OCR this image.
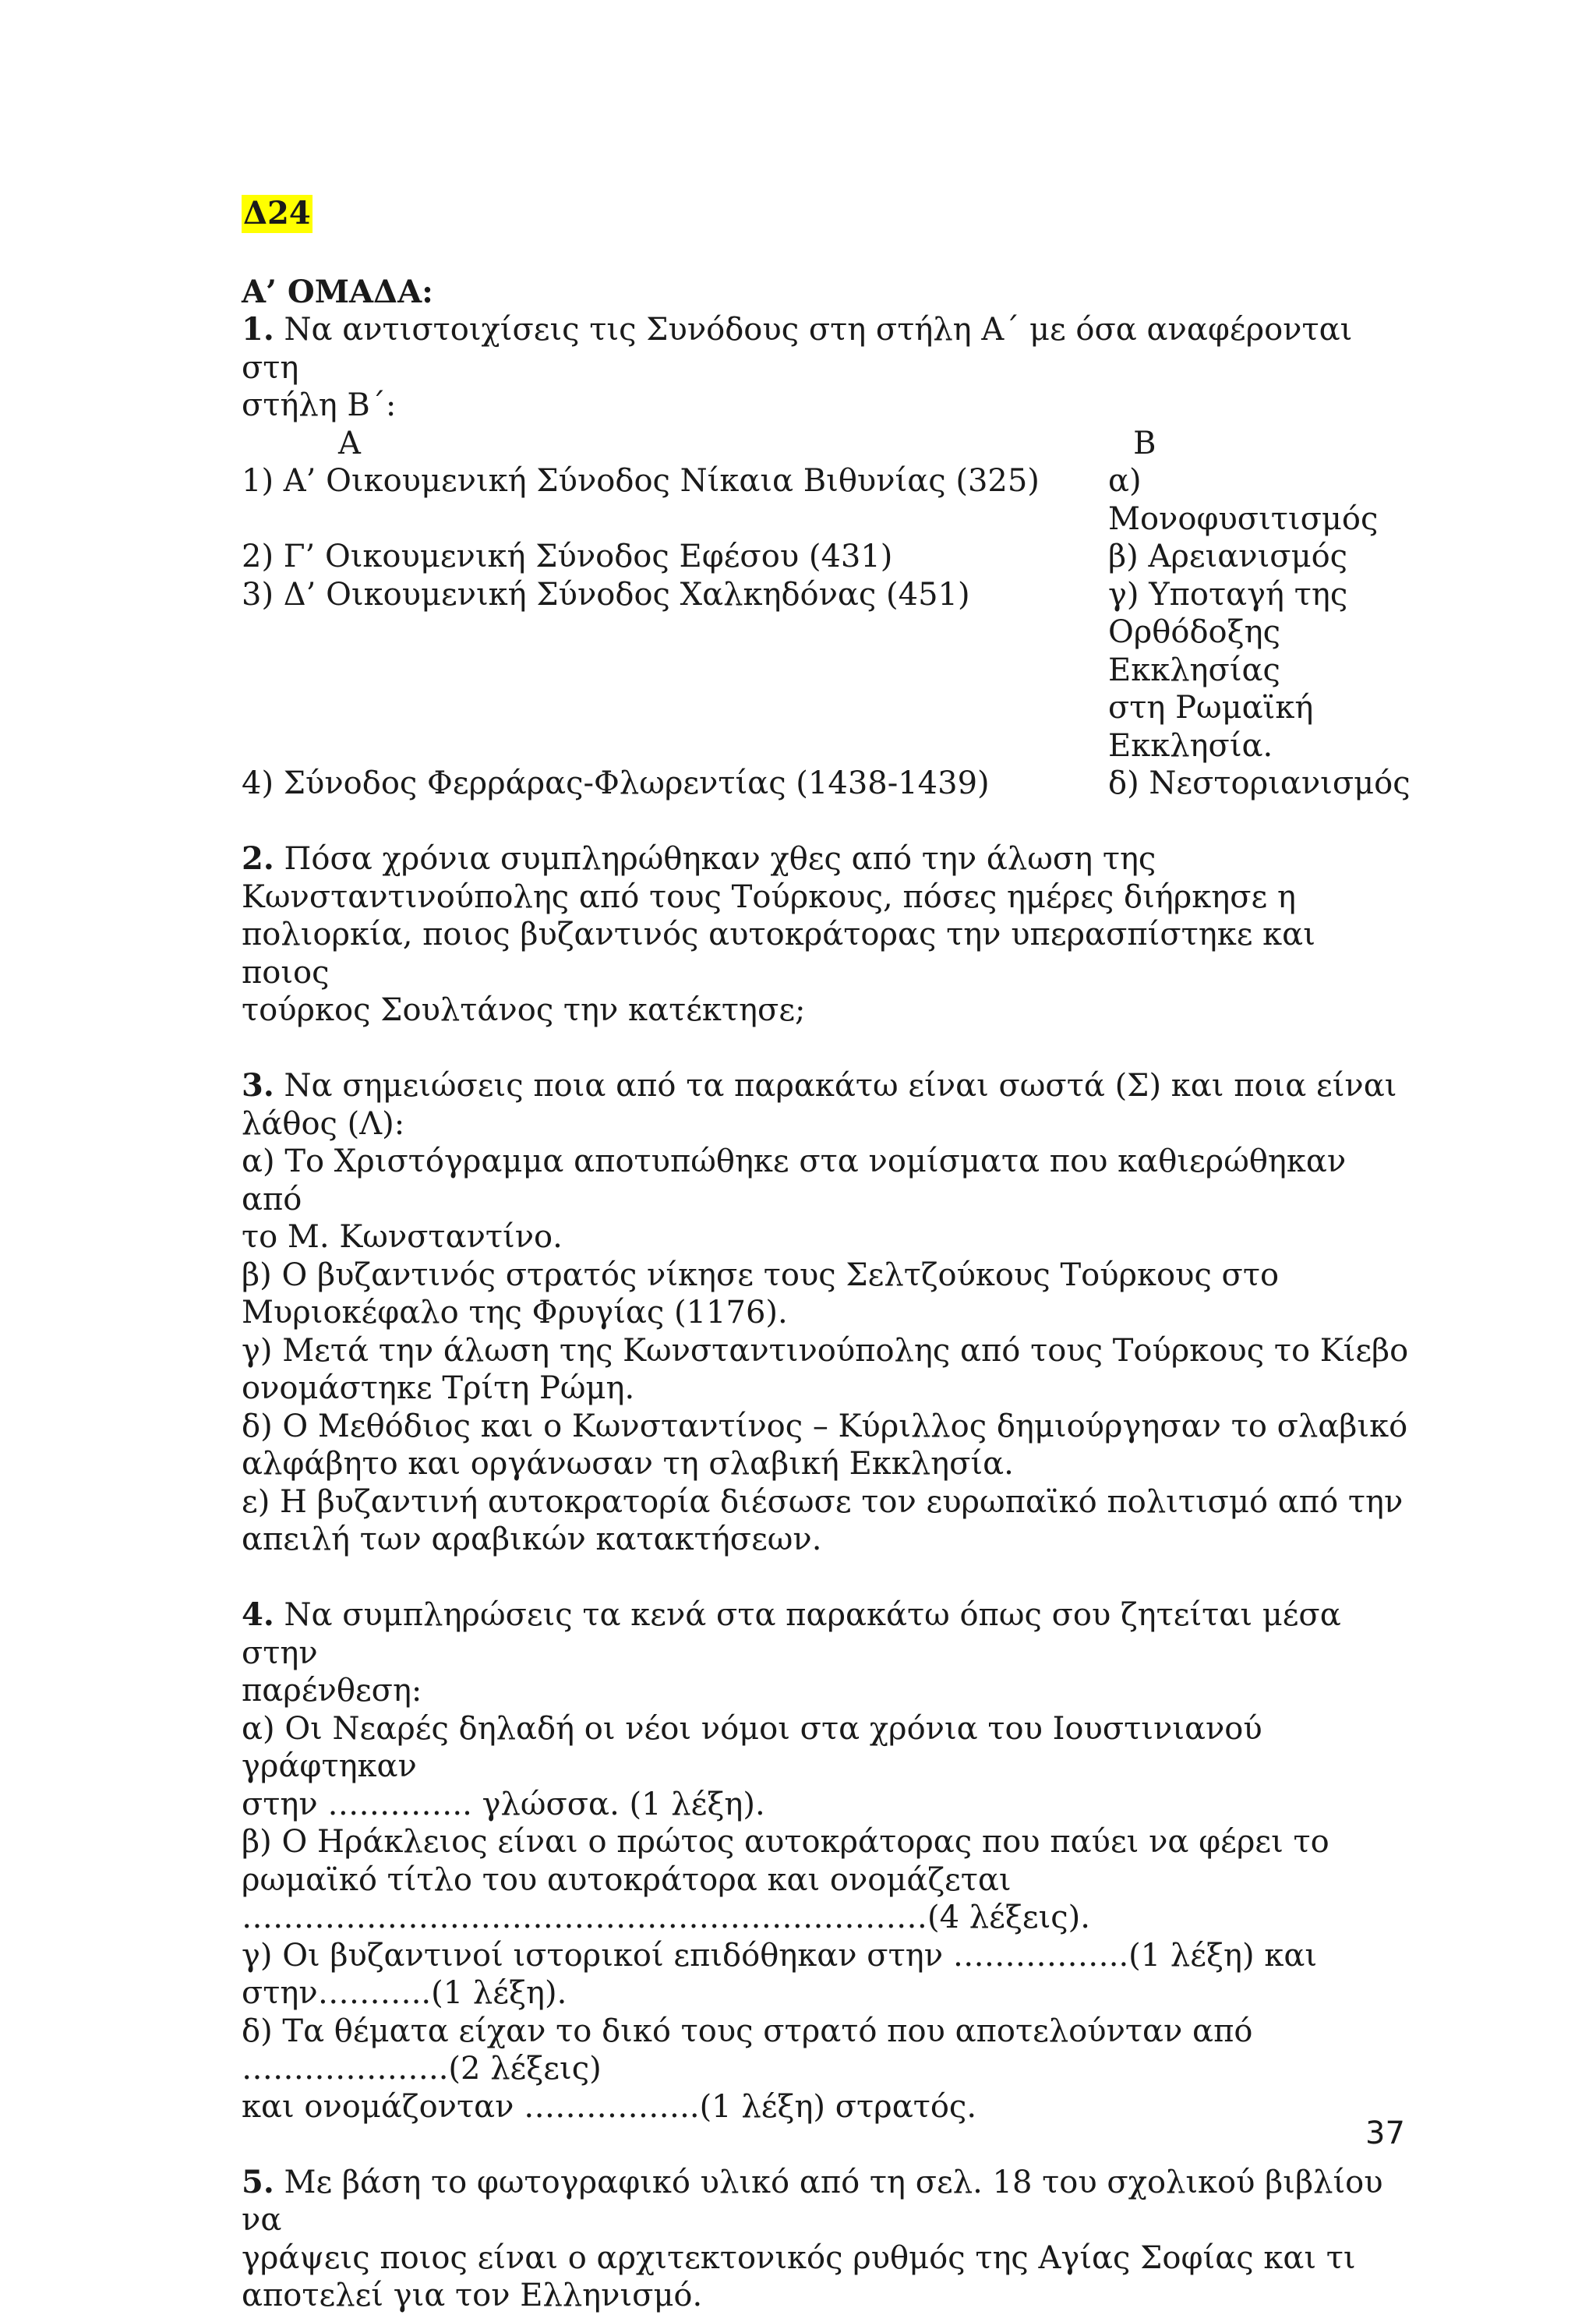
Δ24
Α’ ΟΜΑΔΑ:
1. Να αντιστοιχίσεις τις Συνόδους στη στήλη Α΄ με όσα αναφέρονται στη
στήλη Β΄:
Α	Β
1) Α’ Οικουμενική Σύνοδος Νίκαια Βιθυνίας (325)	α) Μονοφυσιτισμός
2) Γ’ Οικουμενική Σύνοδος Εφέσου (431)	β) Αρειανισμός
3) Δ’ Οικουμενική Σύνοδος Χαλκηδόνας (451)	γ) Υποταγή της
Ορθόδοξης
Εκκλησίας
στη Ρωμαϊκή
Εκκλησία.
4) Σύνοδος Φερράρας-Φλωρεντίας (1438-1439)	δ) Νεστοριανισμός
2. Πόσα χρόνια συμπληρώθηκαν χθες από την άλωση της
Κωνσταντινούπολης από τους Τούρκους, πόσες ημέρες διήρκησε η
πολιορκία, ποιος βυζαντινός αυτοκράτορας την υπερασπίστηκε και ποιος
τούρκος Σουλτάνος την κατέκτησε;
3. Να σημειώσεις ποια από τα παρακάτω είναι σωστά (Σ) και ποια είναι
λάθος (Λ):
α) Το Χριστόγραμμα αποτυπώθηκε στα νομίσματα που καθιερώθηκαν από
το Μ. Κωνσταντίνο.
β) Ο βυζαντινός στρατός νίκησε τους Σελτζούκους Τούρκους στο
Μυριοκέφαλο της Φρυγίας (1176).
γ) Μετά την άλωση της Κωνσταντινούπολης από τους Τούρκους το Κίεβο
ονομάστηκε Τρίτη Ρώμη.
δ) Ο Μεθόδιος και ο Κωνσταντίνος – Κύριλλος δημιούργησαν το σλαβικό
αλφάβητο και οργάνωσαν τη σλαβική Εκκλησία.
ε) Η βυζαντινή αυτοκρατορία διέσωσε τον ευρωπαϊκό πολιτισμό από την
απειλή των αραβικών κατακτήσεων.
4. Να συμπληρώσεις τα κενά στα παρακάτω όπως σου ζητείται μέσα στην
παρένθεση:
α) Οι Νεαρές δηλαδή οι νέοι νόμοι στα χρόνια του Ιουστινιανού γράφτηκαν
στην ………….. γλώσσα. (1 λέξη).
β) Ο Ηράκλειος είναι ο πρώτος αυτοκράτορας που παύει να φέρει το
ρωμαϊκό τίτλο του αυτοκράτορα και ονομάζεται
…………………………………………………………(4 λέξεις).
γ) Οι βυζαντινοί ιστορικοί επιδόθηκαν στην ……………..(1 λέξη) και
στην………..(1 λέξη).
δ) Τα θέματα είχαν το δικό τους στρατό που αποτελούνταν από
………………..(2 λέξεις)
και ονομάζονταν ……………..(1 λέξη) στρατός.
5. Με βάση το φωτογραφικό υλικό από τη σελ. 18 του σχολικού βιβλίου να
γράψεις ποιος είναι ο αρχιτεκτονικός ρυθμός της Αγίας Σοφίας και τι
αποτελεί για τον Ελληνισμό.
37
